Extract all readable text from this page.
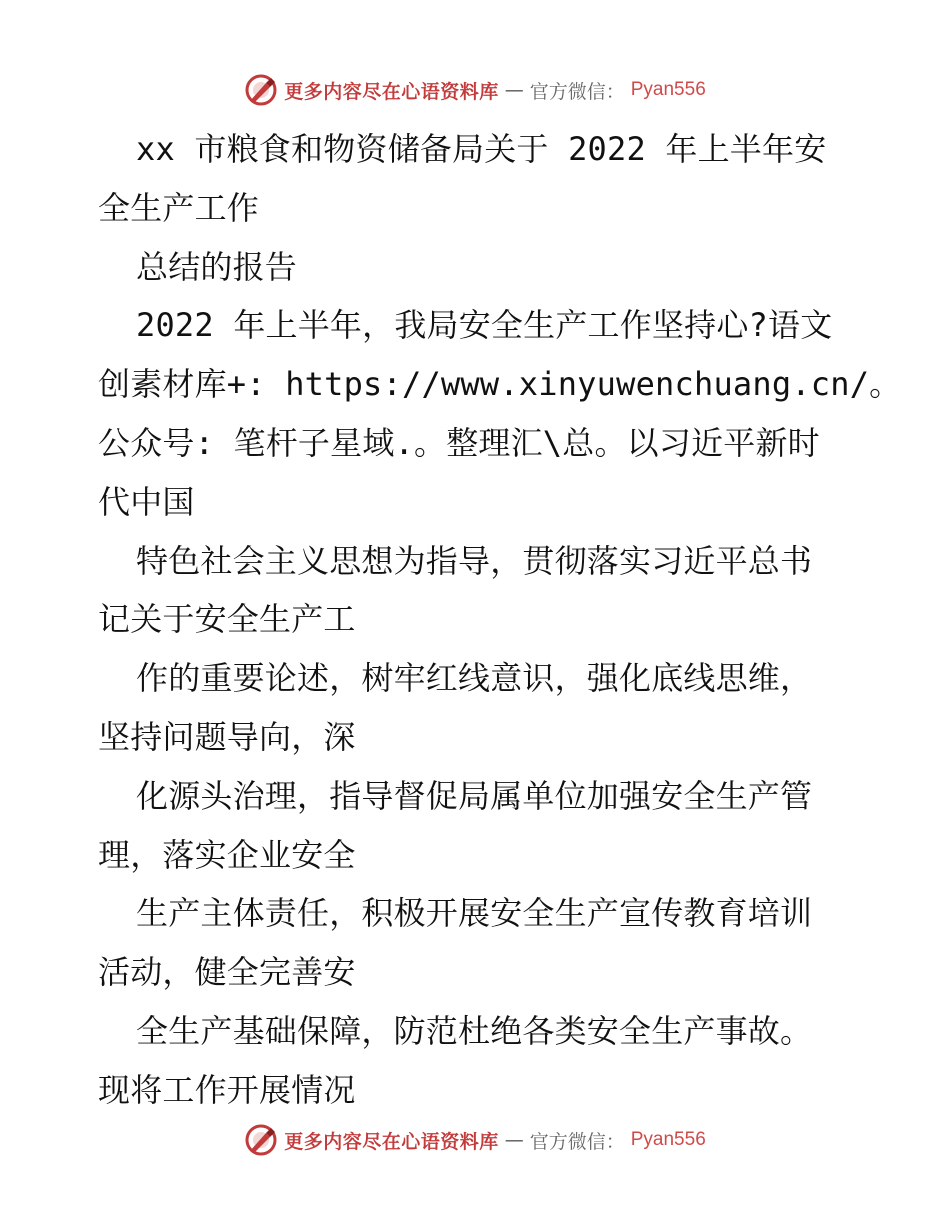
更多内容尽在心语资料库 — 官方微信： Pyan556
xx 市粮食和物资储备局关于 2022 年上半年安
全生产工作
总结的报告
2022 年上半年，我局安全生产工作坚持心?语文
创素材库+: https://www.xinyuwenchuang.cn/。
公众号: 笔杆子星域.。整理汇\总。以习近平新时
代中国
特色社会主义思想为指导，贯彻落实习近平总书
记关于安全生产工
作的重要论述，树牢红线意识，强化底线思维，
坚持问题导向，深
化源头治理，指导督促局属单位加强安全生产管
理，落实企业安全
生产主体责任，积极开展安全生产宣传教育培训
活动，健全完善安
全生产基础保障，防范杜绝各类安全生产事故。
现将工作开展情况
更多内容尽在心语资料库 — 官方微信： Pyan556
